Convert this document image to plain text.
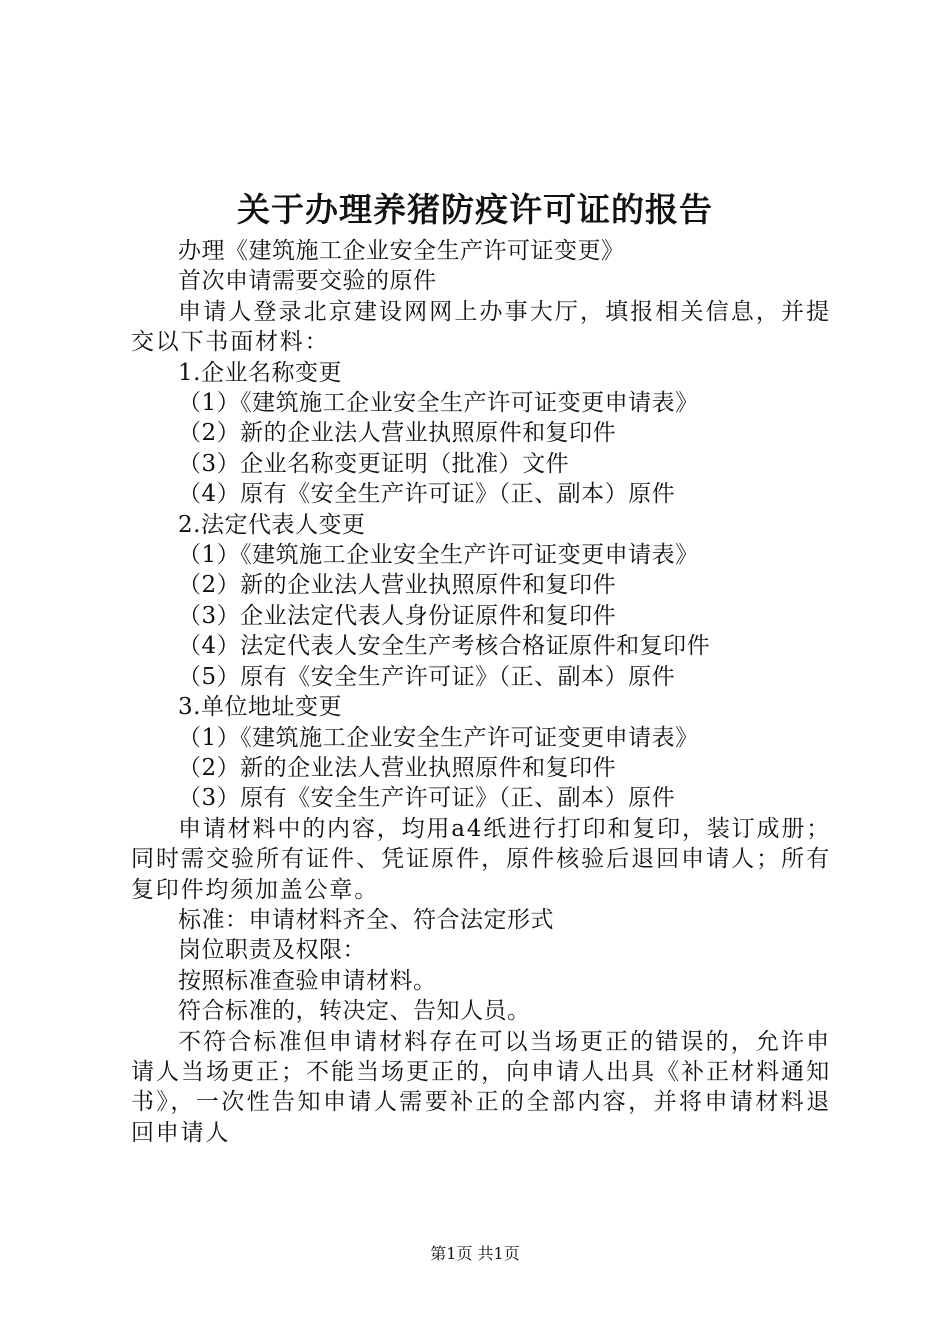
关于办理养猪防疫许可证的报告
办理《建筑施工企业安全生产许可证变更》
首次申请需要交验的原件

申请人登录北京建设网网上办事大厅，填报相关信息，并提交以下书面材料：

1.企业名称变更
（1）《建筑施工企业安全生产许可证变更申请表》
（2）新的企业法人营业执照原件和复印件
（3）企业名称变更证明（批准）文件
（4）原有《安全生产许可证》（正、副本）原件
2.法定代表人变更
（1）《建筑施工企业安全生产许可证变更申请表》
（2）新的企业法人营业执照原件和复印件
（3）企业法定代表人身份证原件和复印件
（4）法定代表人安全生产考核合格证原件和复印件
（5）原有《安全生产许可证》（正、副本）原件
3.单位地址变更
（1）《建筑施工企业安全生产许可证变更申请表》
（2）新的企业法人营业执照原件和复印件
（3）原有《安全生产许可证》（正、副本）原件

申请材料中的内容，均用a4纸进行打印和复印，装订成册；同时需交验所有证件、凭证原件，原件核验后退回申请人；所有复印件均须加盖公章。

标准：申请材料齐全、符合法定形式
岗位职责及权限：
按照标准查验申请材料。
符合标准的，转决定、告知人员。

不符合标准但申请材料存在可以当场更正的错误的，允许申请人当场更正；不能当场更正的，向申请人出具《补正材料通知书》，一次性告知申请人需要补正的全部内容，并将申请材料退回申请人

第1页 共1页
